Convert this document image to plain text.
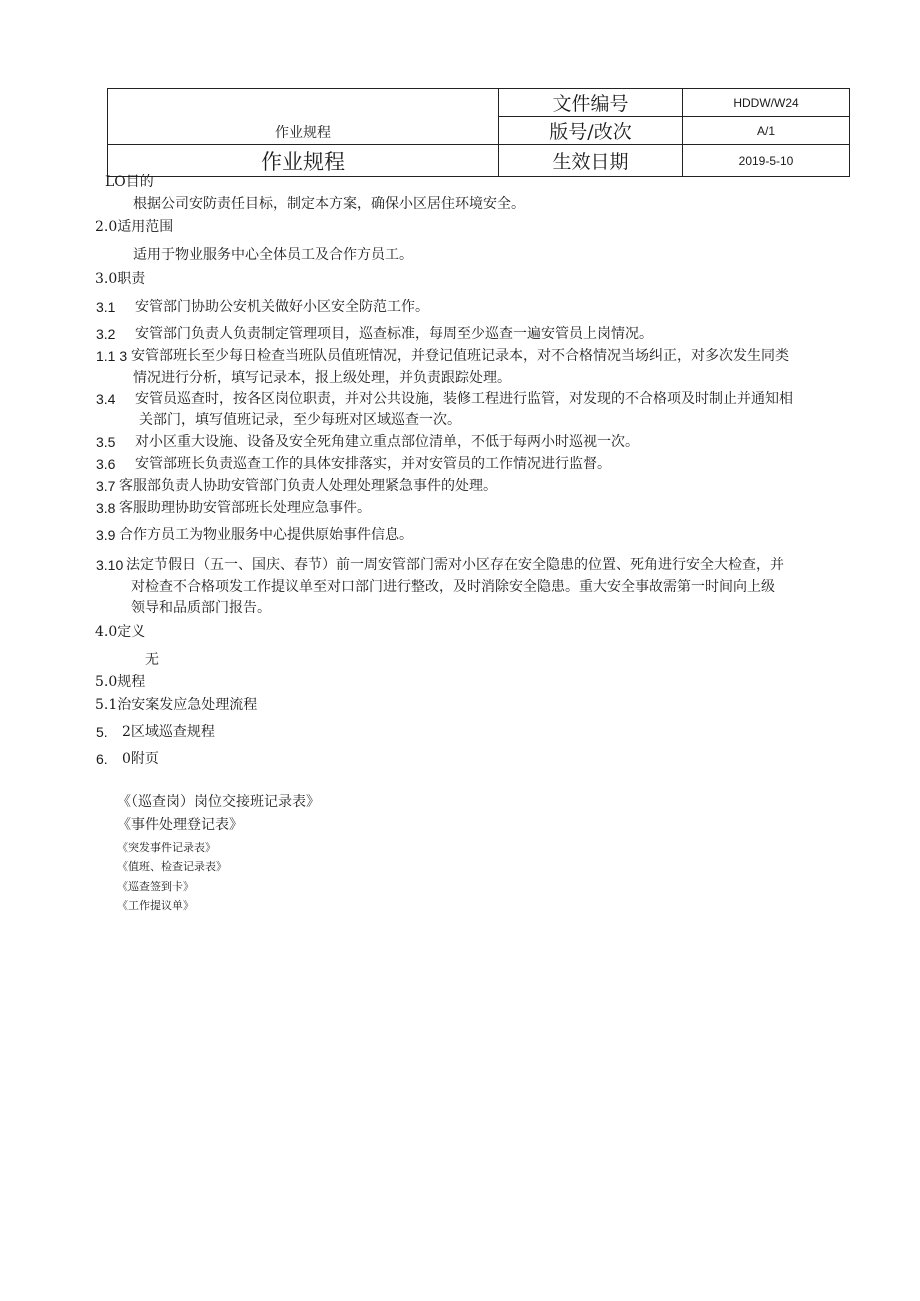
作业规程	文件编号	HDDW/W24
	版号/改次	A/1
作业规程	生效日期	2019-5-10
LO目的
根据公司安防责任目标，制定本方案，确保小区居住环境安全。
2.0适用范围
适用于物业服务中心全体员工及合作方员工。
3.0职责
3.1 安管部门协助公安机关做好小区安全防范工作。
3.2 安管部门负责人负责制定管理项目，巡查标准，每周至少巡查一遍安管员上岗情况。
1.1 3 安管部班长至少每日检查当班队员值班情况，并登记值班记录本，对不合格情况当场纠正，对多次发生同类
情况进行分析，填写记录本，报上级处理，并负责跟踪处理。
3.4 安管员巡查时，按各区岗位职责，并对公共设施，装修工程进行监管，对发现的不合格项及时制止并通知相
关部门，填写值班记录，至少每班对区域巡查一次。
3.5 对小区重大设施、设备及安全死角建立重点部位清单，不低于每两小时巡视一次。
3.6 安管部班长负责巡查工作的具体安排落实，并对安管员的工作情况进行监督。
3.7 客服部负责人协助安管部门负责人处理处理紧急事件的处理。
3.8 客服助理协助安管部班长处理应急事件。
3.9 合作方员工为物业服务中心提供原始事件信息。
3.10 法定节假日（五一、国庆、春节）前一周安管部门需对小区存在安全隐患的位置、死角进行安全大检查，并
对检查不合格项发工作提议单至对口部门进行整改，及时消除安全隐患。重大安全事故需第一时间向上级
领导和品质部门报告。
4.0定义
无
5.0规程
5.1治安案发应急处理流程
5. 2区域巡查规程
6. 0附页
《（巡查岗）岗位交接班记录表》
《事件处理登记表》
《突发事件记录表》
《值班、检查记录表》
《巡查签到卡》
《工作提议单》
